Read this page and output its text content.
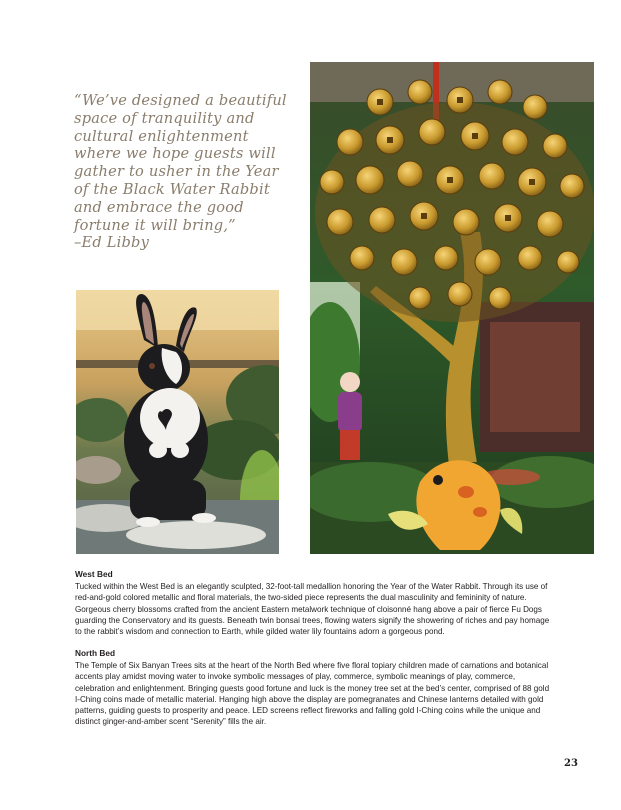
“We’ve designed a beautiful
space of tranquility and
cultural enlightenment
where we hope guests will
gather to usher in the Year
of the Black Water Rabbit
and embrace the good
fortune it will bring,”
–Ed Libby
West Bed

Tucked within the West Bed is an elegantly sculpted, 32-foot-tall medallion honoring the Year of the Water Rabbit. Through its use of red-and-gold colored metallic and floral materials, the two-sided piece represents the dual masculinity and femininity of nature. Gorgeous cherry blossoms crafted from the ancient Eastern metalwork technique of cloisonné hang above a pair of fierce Fu Dogs guarding the Conservatory and its guests. Beneath twin bonsai trees, flowing waters signify the showering of riches and pay homage to the rabbit’s wisdom and connection to Earth, while gilded water lily fountains adorn a gorgeous pond.

North Bed

The Temple of Six Banyan Trees sits at the heart of the North Bed where five floral topiary children made of carnations and botanical accents play amidst moving water to invoke symbolic messages of play, commerce, symbolic meanings of play, commerce, celebration and enlightenment. Bringing guests good fortune and luck is the money tree set at the bed’s center, comprised of 88 gold I-Ching coins made of metallic material. Hanging high above the display are pomegranates and Chinese lanterns detailed with gold patterns, guiding guests to prosperity and peace. LED screens reflect fireworks and falling gold I-Ching coins while the unique and distinct ginger-and-amber scent “Serenity” fills the air.

23
